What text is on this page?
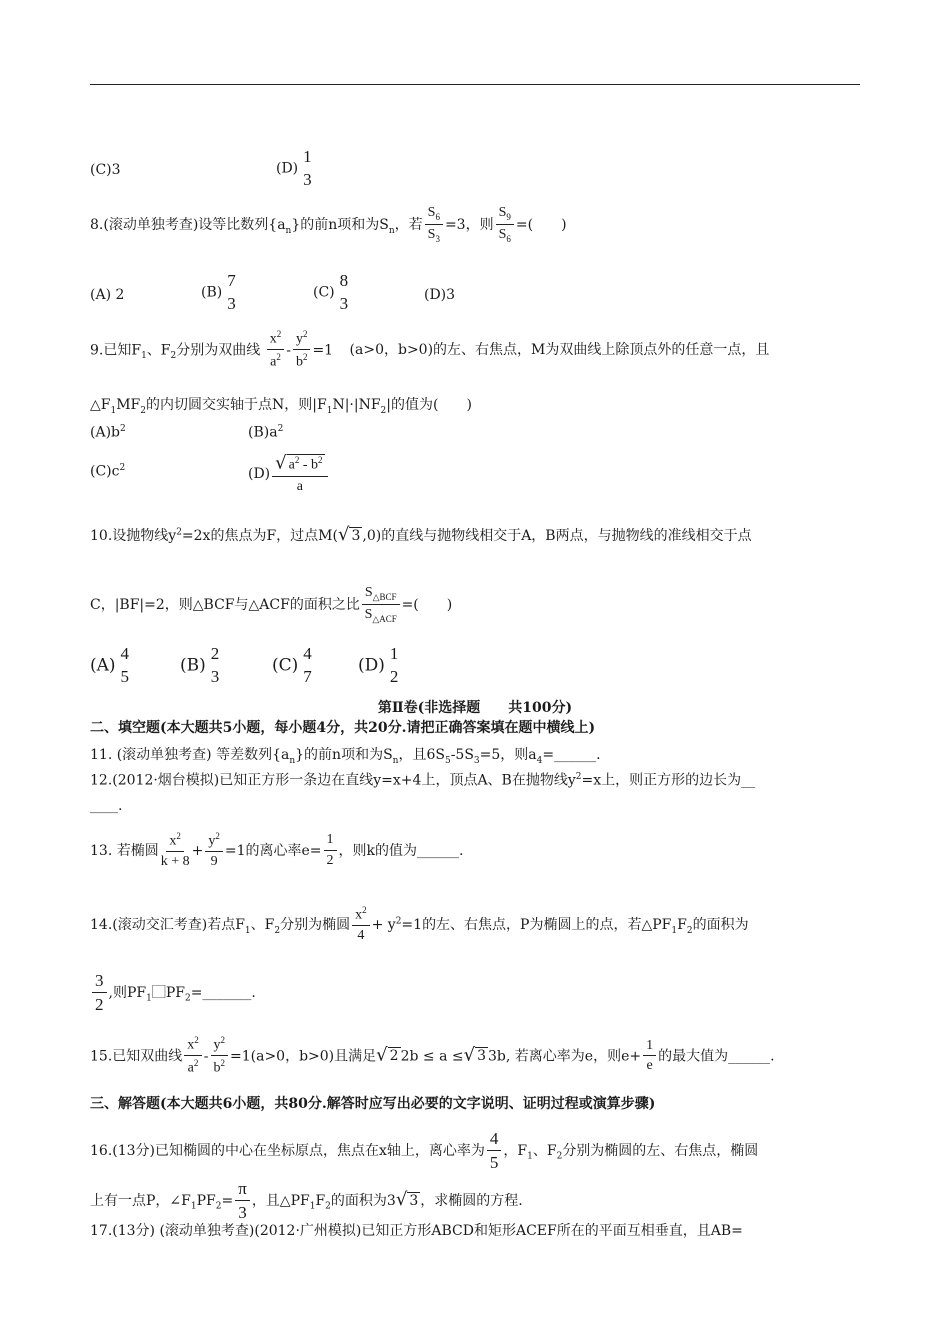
(C)3	(D)
1
3
8.(滚动单独考查)设等比数列$\{a_n\}$的前n项和为$S_n$，若 $\frac{S_6}{S_3} =3$，则 $\frac{S_9}{S_6}$ =(　　)
(A) 2	(B)
7
3
(C)
8
3	(D)3
9.已知$F_1$、$F_2$分别为双曲线 $\frac{x^2}{a^2} - \frac{y^2}{b^2} =1$ (a>0，b>0)的左、右焦点，M为双曲线上除顶点外的任意一点，且
$\triangle F_1MF_2$的内切圆交实轴于点N，则$|F_1N|\cdot|NF_2|$的值为(　　)
$(A)b^2$	$(B)a^2$
$(C)c^2$	$(D) \frac{√ a^2 - b^2}{a}$
10.设抛物线$y^2=2x$的焦点为F，过点M(√ 3 ,0)的直线与抛物线相交于A，B两点，与抛物线的准线相交于点
C，|BF|=2，则△BCF与△ACF的面积之比 $\frac{S_{\triangle BCF}}{S_{\triangle ACF}}$ =(　　)
(A)
4
5
(B)
2
3
(C)
4
7
(D)
1
2
第Ⅱ卷(非选择题　　共100分)
二、填空题(本大题共5小题，每小题4分，共20分.请把正确答案填在题中横线上)
11. (滚动单独考查) 等差数列$\{a_n\}$的前n项和为$S_n$，且$6S_5-5S_3=5$，则$a_4=\_\_\_\_\_\_$.
12.(2012·烟台模拟)已知正方形一条边在直线y=x+4上，顶点A、B在抛物线$y^2=x$上，则正方形的边长为__
____.
13. 若椭圆 $\frac{x^2}{k + 8} + \frac{y^2}{9} =1$的离心率$e= \frac{1}{2}$ ，则k的值为______.
14.(滚动交汇考查)若点$F_1$、$F_2$分别为椭圆 $\frac{x^2}{4} + y^2=1$的左、右焦点，P为椭圆上的点，若$\triangle PF_1F_2$的面积为
$\frac{3}{2}$ ,则$PF_1⃞PF_2=\_\_\_\_\_\_\_$.
15.已知双曲线 $\frac{x^2}{a^2} - \frac{y^2}{b^2} =1(a>0$，b>0)且满足√ 2 2b ≤ a ≤√ 3 3b, 若离心率为e，则$e+ \frac{1}{e}$ 的最大值为______.
三、解答题(本大题共6小题，共80分.解答时应写出必要的文字说明、证明过程或演算步骤)
16.(13分)已知椭圆的中心在坐标原点，焦点在x轴上，离心率为 $\frac{4}{5}$ ，$F_1$、$F_2$分别为椭圆的左、右焦点，椭圆
上有一点P，$\angle F_1PF_2= \frac{\pi}{3}$ ，且$\triangle PF_1F_2$的面积为3√ 3 ，求椭圆的方程.
17.(13分) (滚动单独考查)(2012·广州模拟)已知正方形ABCD和矩形ACEF所在的平面互相垂直，且AB=
